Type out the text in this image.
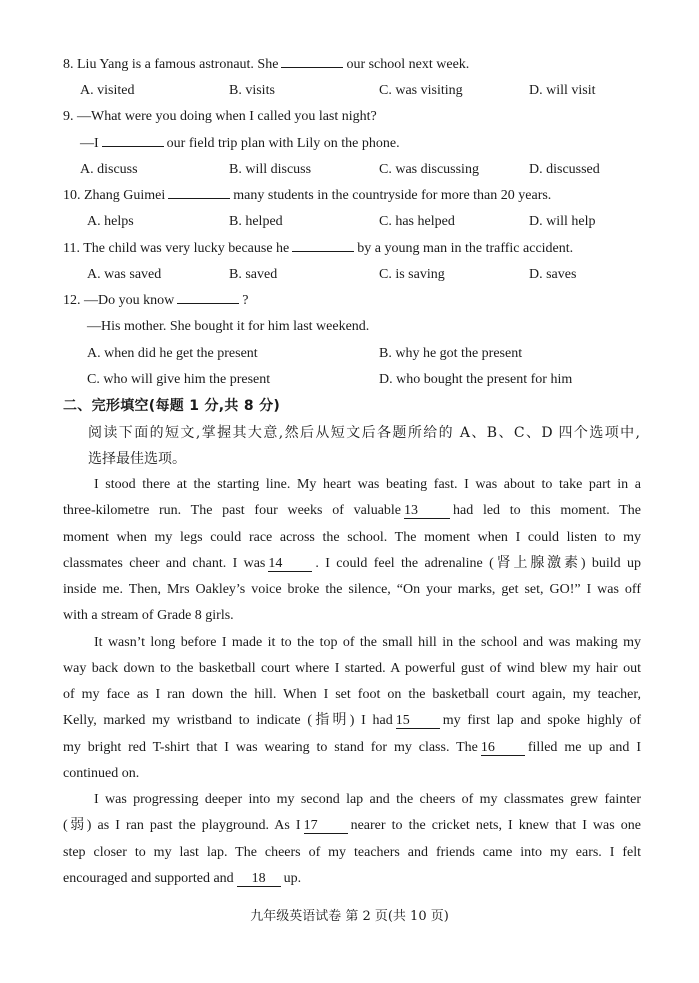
8. Liu Yang is a famous astronaut. She	our school next week.
A. visited	B. visits	C. was visiting	D. will visit
9. —What were you doing when I called you last night?
—I	our field trip plan with Lily on the phone.
A. discuss	B. will discuss	C. was discussing	D. discussed
10. Zhang Guimei	many students in the countryside for more than 20 years.
A. helps	B. helped	C. has helped	D. will help
11. The child was very lucky because he	by a young man in the traffic accident.
A. was saved	B. saved	C. is saving	D. saves
12. —Do you know	?
—His mother. She bought it for him last weekend.
A. when did he get the present	B. why he got the present
C. who will give him the present	D. who bought the present for him
二、完形填空(每题 1 分,共 8 分)
阅读下面的短文,掌握其大意,然后从短文后各题所给的 A、B、C、D 四个选项中,
选择最佳选项。
I stood there at the starting line. My heart was beating fast. I was about to take part in a
three-kilometre run. The past four weeks of valuable 13	had led to this moment. The
moment when my legs could race across the school. The moment when I could listen to my
classmates cheer and chant. I was 14 . I could feel the adrenaline (肾上腺激素) build up
inside me. Then, Mrs Oakley’s voice broke the silence, “On your marks, get set, GO!” I was off
with a stream of Grade 8 girls.
It wasn’t long before I made it to the top of the small hill in the school and was making my
way back down to the basketball court where I started. A powerful gust of wind blew my hair out
of my face as I ran down the hill. When I set foot on the basketball court again, my teacher,
Kelly, marked my wristband to indicate (指明) I had 15 my first lap and spoke highly of
my bright red T-shirt that I was wearing to stand for my class. The 16 filled me up and I
continued on.
I was progressing deeper into my second lap and the cheers of my classmates grew fainter
(弱) as I ran past the playground. As I 17 nearer to the cricket nets, I knew that I was one
step closer to my last lap. The cheers of my teachers and friends came into my ears. I felt
encouraged and supported and 18 up.
九年级英语试卷 第 2 页(共 10 页)
